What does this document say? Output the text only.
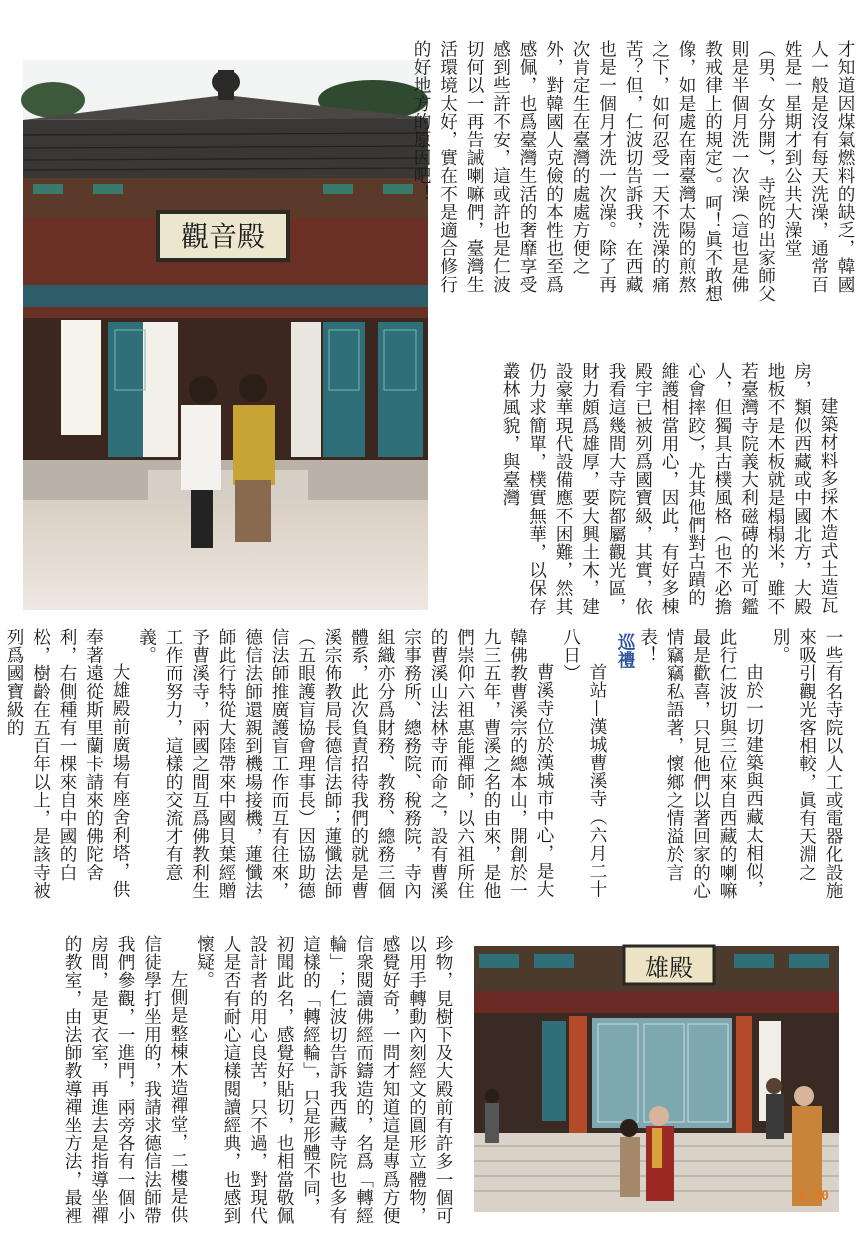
觀音殿	才知道因煤氣燃料的缺乏，韓國人一般是沒有每天洗澡，通常百姓是一星期才到公共大澡堂（男、女分開），寺院的出家師父則是半個月洗一次澡（這也是佛教戒律上的規定）。呵！眞不敢想像，如是處在南臺灣太陽的煎熬之下，如何忍受一天不洗澡的痛苦？但，仁波切告訴我，在西藏也是一個月才洗一次澡。除了再次肯定生在臺灣的處處方便之外，對韓國人克儉的本性也至爲感佩，也爲臺灣生活的奢靡享受感到些許不安，這或許也是仁波切何以一再告誡喇嘛們，臺灣生活環境太好，實在不是適合修行的好地方的原因吧！

建築材料多採木造式土造瓦房，類似西藏或中國北方，大殿地板不是木板就是榻榻米，雖不若臺灣寺院義大利磁磚的光可鑑人，但獨具古樸風格（也不必擔心會摔跤），尤其他們對古蹟的維護相當用心，因此，有好多棟殿宇已被列爲國寶級，其實，依我看這幾間大寺院都屬觀光區，財力頗爲雄厚，要大興土木，建設豪華現代設備應不困難，然其仍力求簡單，樸實無華，以保存叢林風貌，與臺灣

一些有名寺院以人工或電器化設施來吸引觀光客相較，眞有天淵之別。

由於一切建築與西藏太相似，此行仁波切與三位來自西藏的喇嘛最是歡喜，只見他們以著回家的心情竊竊私語著，懷鄉之情溢於言表！

巡禮

首站—漢城曹溪寺（六月二十八日）

曹溪寺位於漢城市中心，是大韓佛教曹溪宗的總本山，開創於一九三五年，曹溪之名的由來，是他們崇仰六祖惠能禪師，以六祖所住的曹溪山法林寺而命之，設有曹溪宗事務所、總務院、稅務院，寺內組織亦分爲財務、教務、總務三個體系，此次負責招待我們的就是曹溪宗佈教局長德信法師；蓮懺法師（五眼護盲協會理事長）因協助德信法師推廣護盲工作而互有往來，德信法師還親到機場接機，蓮懺法師此行特從大陸帶來中國貝葉經贈予曹溪寺，兩國之間互爲佛教利生工作而努力，這樣的交流才有意義。

大雄殿前廣場有座舍利塔，供奉著遠從斯里蘭卡請來的佛陀舍利，右側種有一棵來自中國的白松，樹齡在五百年以上，是該寺被列爲國寶級的

珍物，見樹下及大殿前有許多一個可以用手轉動內刻經文的圓形立體物，感覺好奇，一問才知道這是專爲方便信衆閱讀佛經而鑄造的，名爲「轉經輪」；仁波切告訴我西藏寺院也多有這樣的「轉經輪」，只是形體不同，初聞此名，感覺好貼切，也相當敬佩設計者的用心良苦，只不過，對現代人是否有耐心這樣閱讀經典，也感到懷疑。

左側是整棟木造禪堂，二樓是供信徒學打坐用的，我請求德信法師帶我們參觀，一進門，兩旁各有一個小房間，是更衣室，再進去是指導坐禪的教室，由法師教導禪坐方法，最裡	雄殿
8 30
